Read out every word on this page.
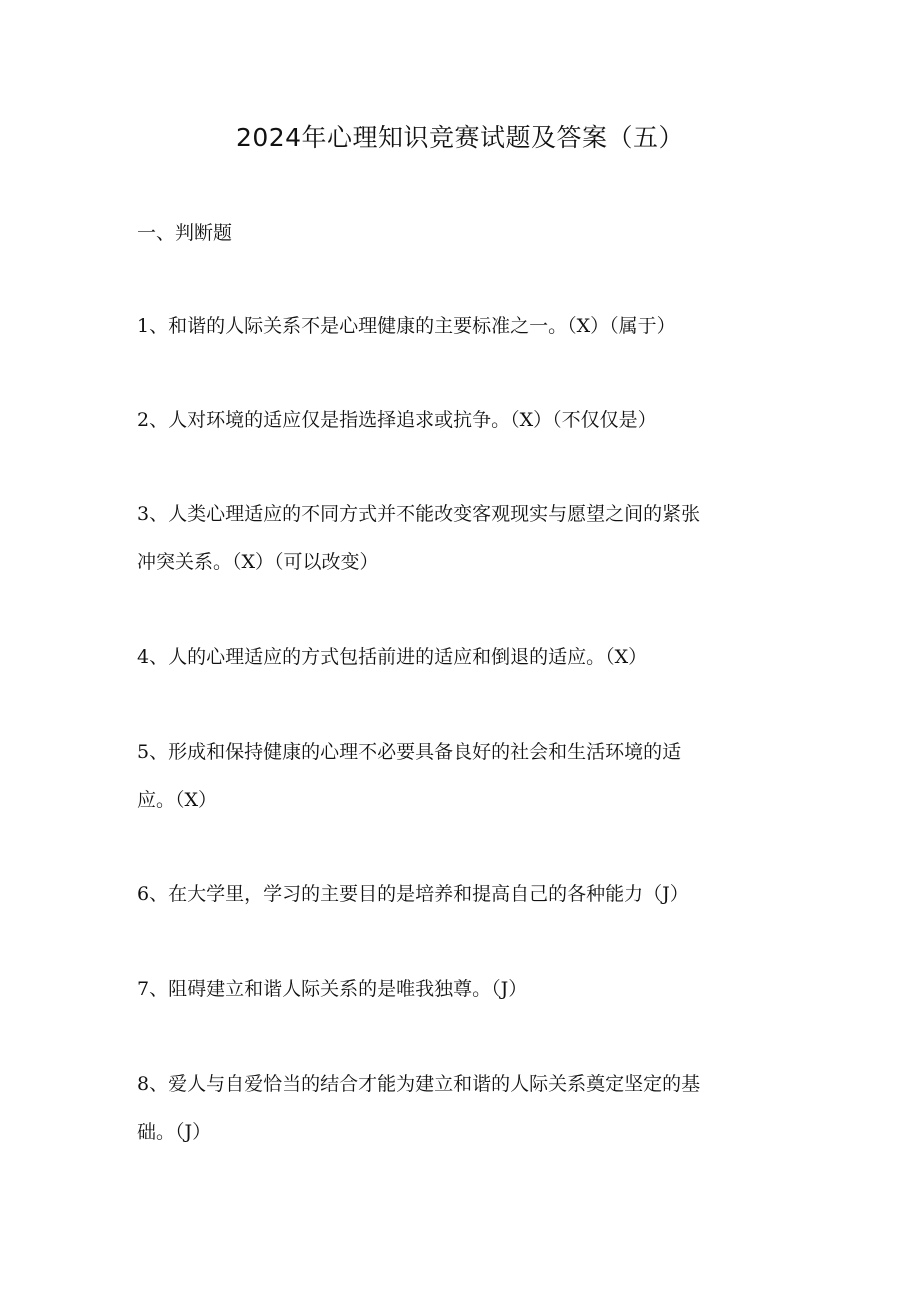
2024年心理知识竞赛试题及答案（五）
一、判断题
1、和谐的人际关系不是心理健康的主要标准之一。（X）（属于）
2、人对环境的适应仅是指选择追求或抗争。（X）（不仅仅是）
3、人类心理适应的不同方式并不能改变客观现实与愿望之间的紧张
冲突关系。（X）（可以改变）
4、人的心理适应的方式包括前进的适应和倒退的适应。（X）
5、形成和保持健康的心理不必要具备良好的社会和生活环境的适
应。（X）
6、在大学里，学习的主要目的是培养和提高自己的各种能力（J）
7、阻碍建立和谐人际关系的是唯我独尊。（J）
8、爱人与自爱恰当的结合才能为建立和谐的人际关系奠定坚定的基
础。（J）
